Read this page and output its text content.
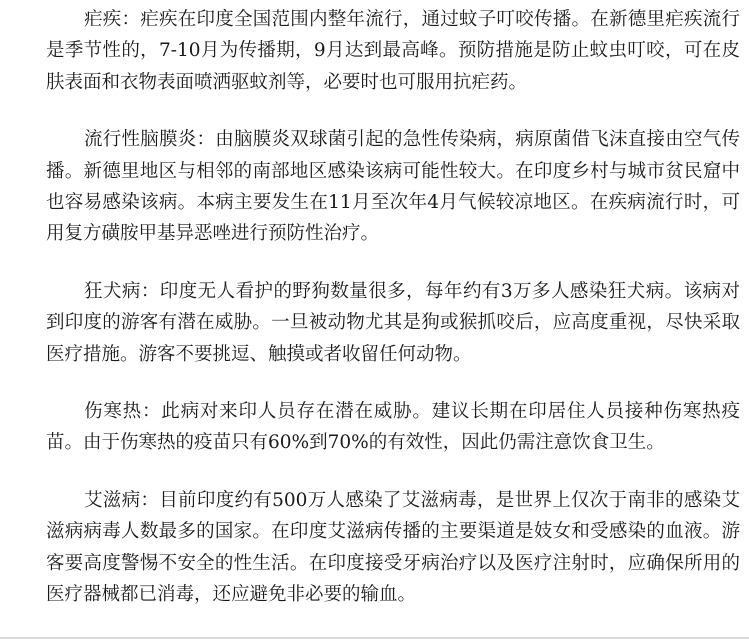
疟疾：疟疾在印度全国范围内整年流行，通过蚊子叮咬传播。在新德里疟疾流行是季节性的，7-10月为传播期，9月达到最高峰。预防措施是防止蚊虫叮咬，可在皮肤表面和衣物表面喷洒驱蚊剂等，必要时也可服用抗疟药。

流行性脑膜炎：由脑膜炎双球菌引起的急性传染病，病原菌借飞沫直接由空气传播。新德里地区与相邻的南部地区感染该病可能性较大。在印度乡村与城市贫民窟中也容易感染该病。本病主要发生在11月至次年4月气候较凉地区。在疾病流行时，可用复方磺胺甲基异恶唑进行预防性治疗。

狂犬病：印度无人看护的野狗数量很多，每年约有3万多人感染狂犬病。该病对到印度的游客有潜在威胁。一旦被动物尤其是狗或猴抓咬后，应高度重视，尽快采取医疗措施。游客不要挑逗、触摸或者收留任何动物。

伤寒热：此病对来印人员存在潜在威胁。建议长期在印居住人员接种伤寒热疫苗。由于伤寒热的疫苗只有60%到70%的有效性，因此仍需注意饮食卫生。

艾滋病：目前印度约有500万人感染了艾滋病毒，是世界上仅次于南非的感染艾滋病病毒人数最多的国家。在印度艾滋病传播的主要渠道是妓女和受感染的血液。游客要高度警惕不安全的性生活。在印度接受牙病治疗以及医疗注射时，应确保所用的医疗器械都已消毒，还应避免非必要的输血。
